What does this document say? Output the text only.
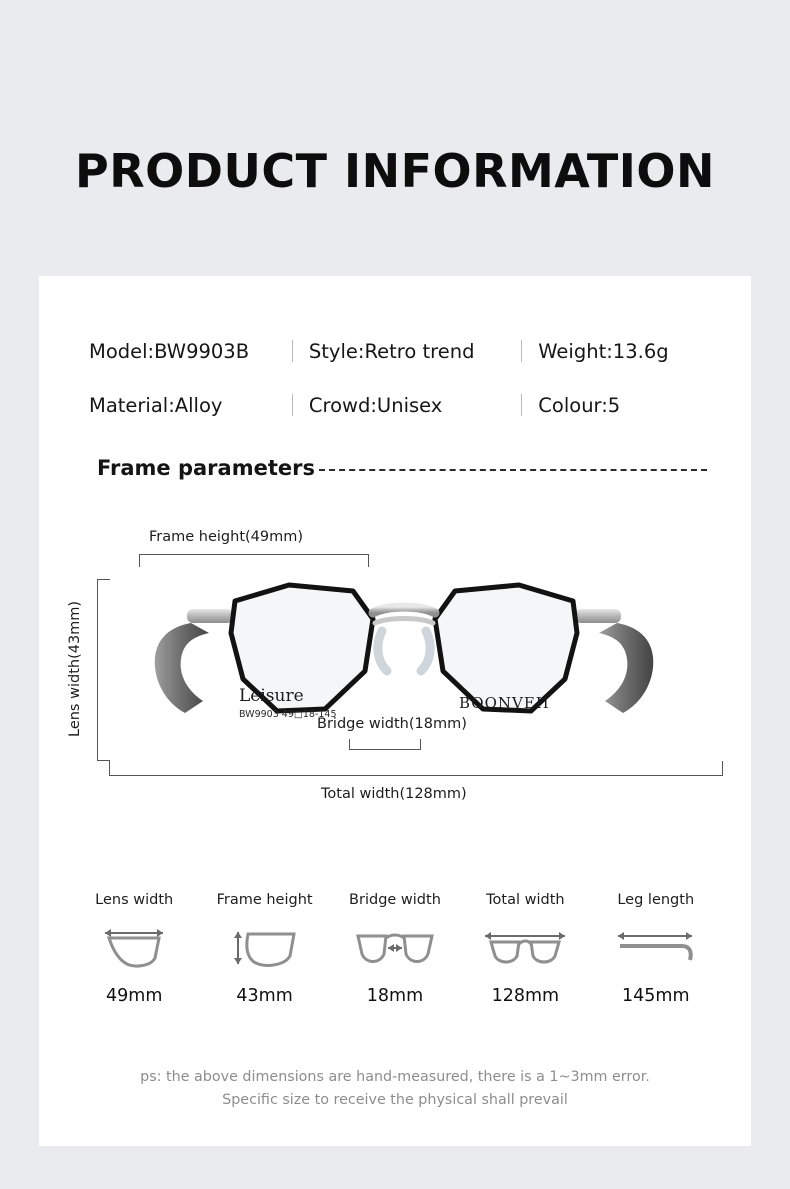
PRODUCT INFORMATION
Model:BW9903B	Style:Retro trend	Weight:13.6g
Material:Alloy	Crowd:Unisex	Colour:5
Frame parameters
Frame height(49mm)
Lens width(43mm)	Leisure
BW9903 49□18-145
BOONVEII
Bridge width(18mm)
Total width(128mm)
Lens width
49mm
Frame height
43mm
Bridge width
18mm
Total width
128mm
Leg length
145mm
ps: the above dimensions are hand-measured, there is a 1~3mm error.
Specific size to receive the physical shall prevail
